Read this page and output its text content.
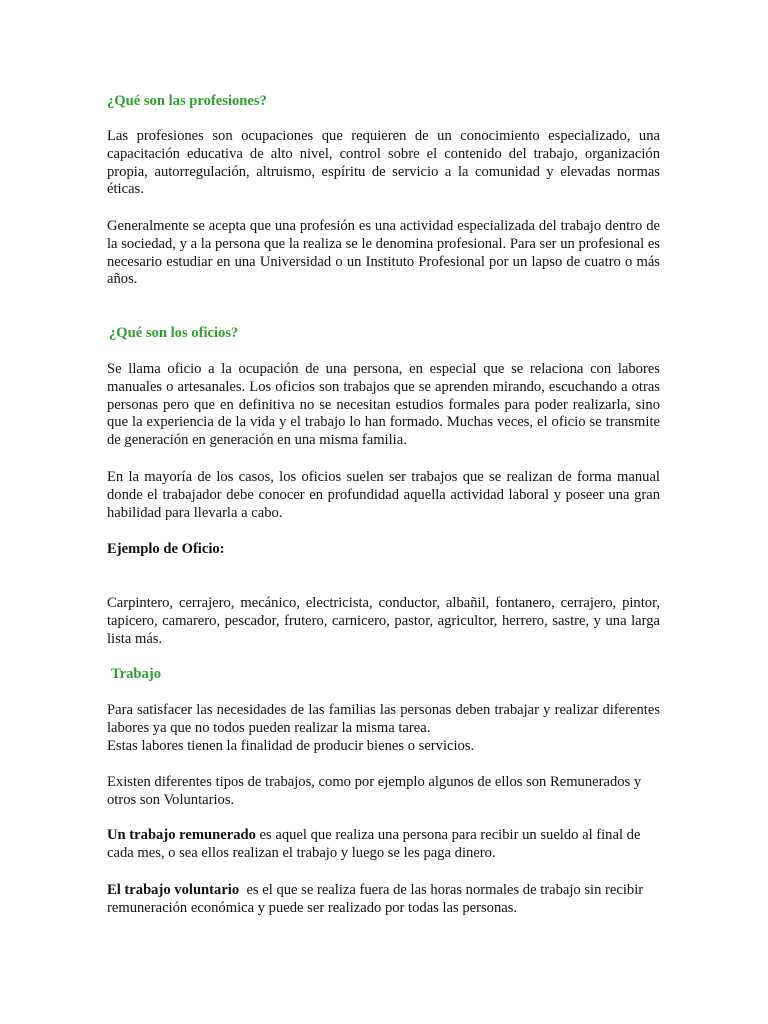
¿Qué son las profesiones?

Las profesiones son ocupaciones que requieren de un conocimiento especializado, una capacitación educativa de alto nivel, control sobre el contenido del trabajo, organización propia, autorregulación, altruismo, espíritu de servicio a la comunidad y elevadas normas éticas.

Generalmente se acepta que una profesión es una actividad especializada del trabajo dentro de la sociedad, y a la persona que la realiza se le denomina profesional. Para ser un profesional es necesario estudiar en una Universidad o un Instituto Profesional por un lapso de cuatro o más años.

¿Qué son los oficios?

Se llama oficio a la ocupación de una persona, en especial que se relaciona con labores manuales o artesanales. Los oficios son trabajos que se aprenden mirando, escuchando a otras personas pero que en definitiva no se necesitan estudios formales para poder realizarla, sino que la experiencia de la vida y el trabajo lo han formado. Muchas veces, el oficio se transmite de generación en generación en una misma familia.

En la mayoría de los casos, los oficios suelen ser trabajos que se realizan de forma manual donde el trabajador debe conocer en profundidad aquella actividad laboral y poseer una gran habilidad para llevarla a cabo.

Ejemplo de Oficio:

Carpintero, cerrajero, mecánico, electricista, conductor, albañil, fontanero, cerrajero, pintor, tapicero, camarero, pescador, frutero, carnicero, pastor, agricultor, herrero, sastre, y una larga lista más.

Trabajo

Para satisfacer las necesidades de las familias las personas deben trabajar y realizar diferentes labores ya que no todos pueden realizar la misma tarea.
Estas labores tienen la finalidad de producir bienes o servicios.

Existen diferentes tipos de trabajos, como por ejemplo algunos de ellos son Remunerados y otros son Voluntarios.

Un trabajo remunerado es aquel que realiza una persona para recibir un sueldo al final de cada mes, o sea ellos realizan el trabajo y luego se les paga dinero.

El trabajo voluntario  es el que se realiza fuera de las horas normales de trabajo sin recibir remuneración económica y puede ser realizado por todas las personas.
